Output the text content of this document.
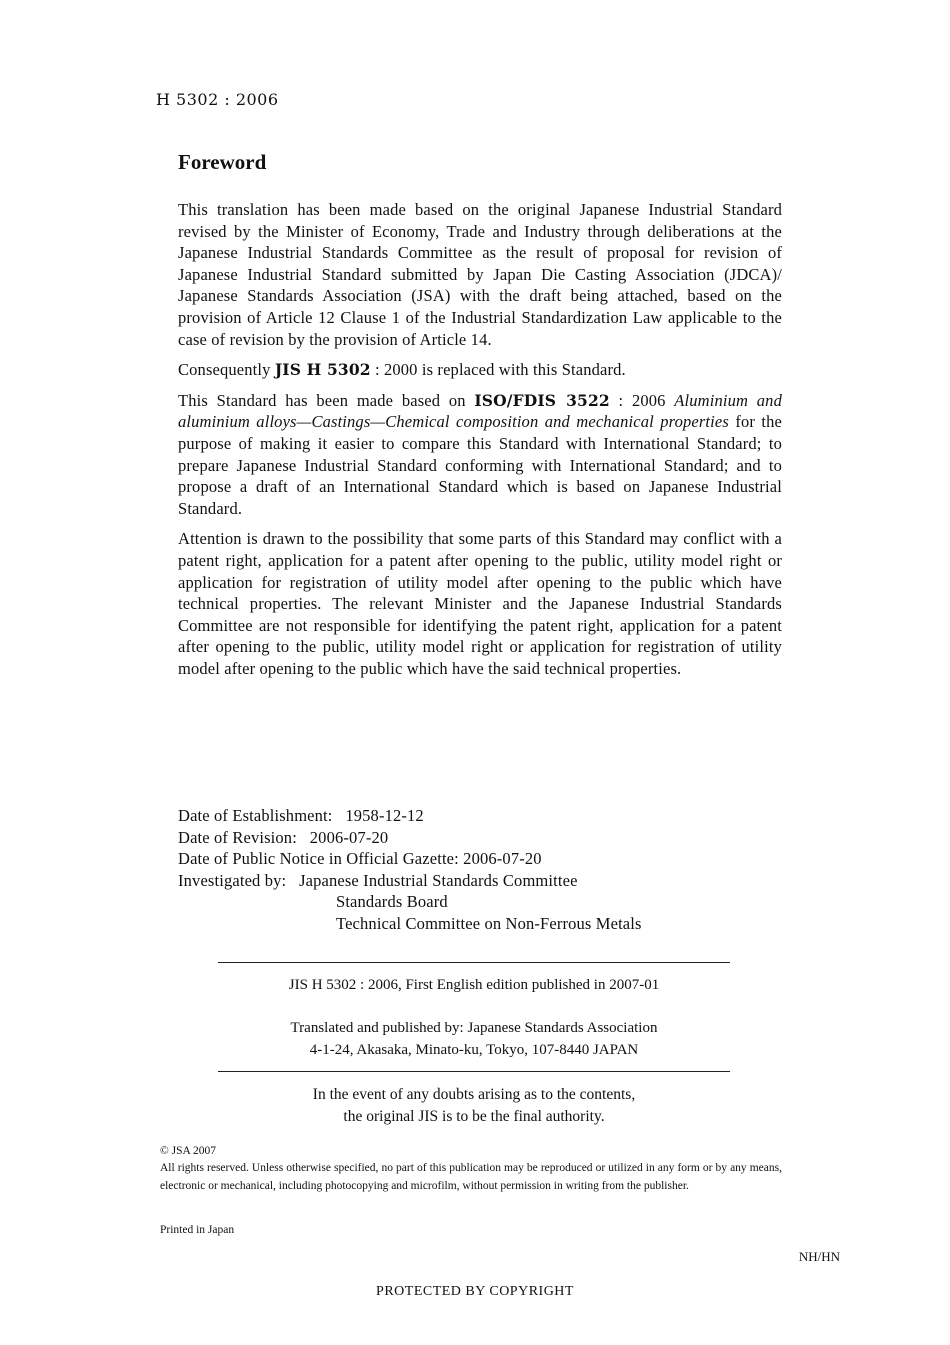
H 5302 : 2006
Foreword

This translation has been made based on the original Japanese Industrial Standard revised by the Minister of Economy, Trade and Industry through deliberations at the Japanese Industrial Standards Committee as the result of proposal for revision of Japanese Industrial Standard submitted by Japan Die Casting Association (JDCA)/ Japanese Standards Association (JSA) with the draft being attached, based on the provision of Article 12 Clause 1 of the Industrial Standardization Law applicable to the case of revision by the provision of Article 14.

Consequently JIS H 5302 : 2000 is replaced with this Standard.

This Standard has been made based on ISO/FDIS 3522 : 2006 Aluminium and aluminium alloys—Castings—Chemical composition and mechanical properties for the purpose of making it easier to compare this Standard with International Standard; to prepare Japanese Industrial Standard conforming with International Standard; and to propose a draft of an International Standard which is based on Japanese Industrial Standard.

Attention is drawn to the possibility that some parts of this Standard may conflict with a patent right, application for a patent after opening to the public, utility model right or application for registration of utility model after opening to the public which have technical properties. The relevant Minister and the Japanese Industrial Standards Committee are not responsible for identifying the patent right, application for a patent after opening to the public, utility model right or application for registration of utility model after opening to the public which have the said technical properties.

Date of Establishment:   1958-12-12
Date of Revision:   2006-07-20
Date of Public Notice in Official Gazette: 2006-07-20
Investigated by:   Japanese Industrial Standards Committee
Standards Board
Technical Committee on Non-Ferrous Metals
JIS H 5302 : 2006, First English edition published in 2007-01
Translated and published by: Japanese Standards Association
4-1-24, Akasaka, Minato-ku, Tokyo, 107-8440 JAPAN
In the event of any doubts arising as to the contents,
the original JIS is to be the final authority.
© JSA 2007
All rights reserved. Unless otherwise specified, no part of this publication may be reproduced or utilized in any form or by any means, electronic or mechanical, including photocopying and microfilm, without permission in writing from the publisher.
Printed in Japan
NH/HN
PROTECTED BY COPYRIGHT
